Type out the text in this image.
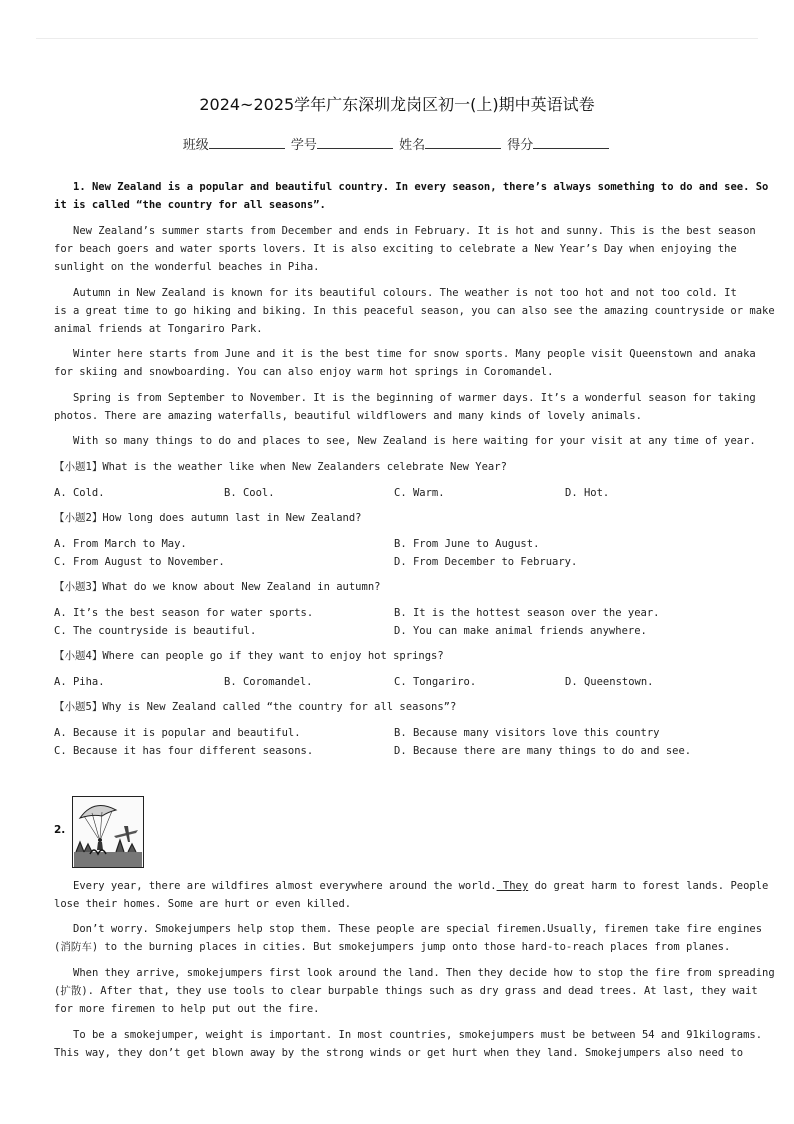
2024~2025学年广东深圳龙岗区初一(上)期中英语试卷
班级	学号	姓名	得分
1. New Zealand is a popular and beautiful country. In every season, there’s always something to do and see. So
it is called “the country for all seasons”.
New Zealand’s summer starts from December and ends in February. It is hot and sunny. This is the best season
for beach goers and water sports lovers. It is also exciting to celebrate a New Year’s Day when enjoying the
sunlight on the wonderful beaches in Piha.
Autumn in New Zealand is known for its beautiful colours. The weather is not too hot and not too cold. It
is a great time to go hiking and biking. In this peaceful season, you can also see the amazing countryside or make
animal friends at Tongariro Park.
Winter here starts from June and it is the best time for snow sports. Many people visit Queenstown and anaka
for skiing and snowboarding. You can also enjoy warm hot springs in Coromandel.
Spring is from September to November. It is the beginning of warmer days. It’s a wonderful season for taking
photos. There are amazing waterfalls, beautiful wildflowers and many kinds of lovely animals.
With so many things to do and places to see, New Zealand is here waiting for your visit at any time of year.
【小题1】What is the weather like when New Zealanders celebrate New Year?
A. Cold.	B. Cool.	C. Warm.	D. Hot.
【小题2】How long does autumn last in New Zealand?
A. From March to May.	B. From June to August.
C. From August to November.	D. From December to February.
【小题3】What do we know about New Zealand in autumn?
A. It’s the best season for water sports.	B. It is the hottest season over the year.
C. The countryside is beautiful.	D. You can make animal friends anywhere.
【小题4】Where can people go if they want to enjoy hot springs?
A. Piha.	B. Coromandel.	C. Tongariro.	D. Queenstown.
【小题5】Why is New Zealand called “the country for all seasons”?
A. Because it is popular and beautiful.	B. Because many visitors love this country
C. Because it has four different seasons.	D. Because there are many things to do and see.
2.
Every year, there are wildfires almost everywhere around the world. They do great harm to forest lands. People
lose their homes. Some are hurt or even killed.
Don’t worry. Smokejumpers help stop them. These people are special firemen.Usually, firemen take fire engines
(消防车) to the burning places in cities. But smokejumpers jump onto those hard-to-reach places from planes.
When they arrive, smokejumpers first look around the land. Then they decide how to stop the fire from spreading
(扩散). After that, they use tools to clear burpable things such as dry grass and dead trees. At last, they wait
for more firemen to help put out the fire.
To be a smokejumper, weight is important. In most countries, smokejumpers must be between 54 and 91kilograms.
This way, they don’t get blown away by the strong winds or get hurt when they land. Smokejumpers also need to
